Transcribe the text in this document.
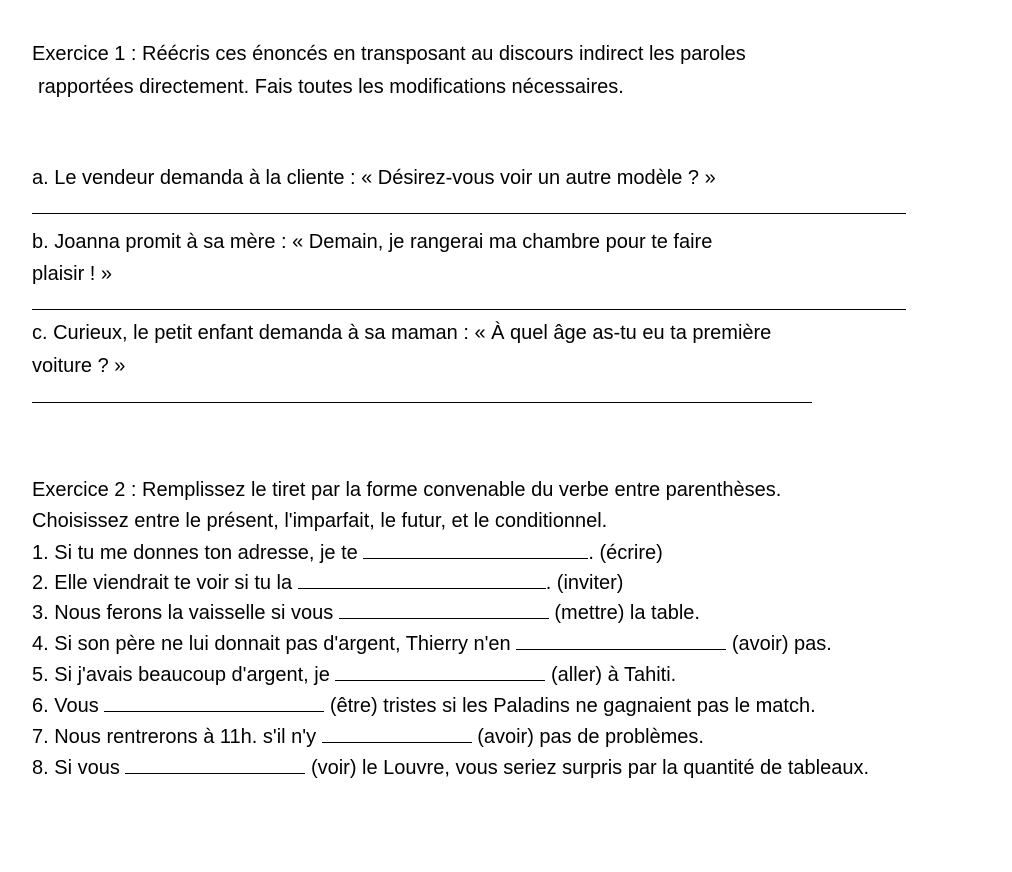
Exercice 1 : Réécris ces énoncés en transposant au discours indirect les paroles
rapportées directement. Fais toutes les modifications nécessaires.
a. Le vendeur demanda à la cliente : « Désirez-vous voir un autre modèle ? »
b. Joanna promit à sa mère : « Demain, je rangerai ma chambre pour te faire
plaisir ! »
c. Curieux, le petit enfant demanda à sa maman : « À quel âge as-tu eu ta première
voiture ? »
Exercice 2 : Remplissez le tiret par la forme convenable du verbe entre parenthèses.
Choisissez entre le présent, l'imparfait, le futur, et le conditionnel.
1. Si tu me donnes ton adresse, je te	. (écrire)
2. Elle viendrait te voir si tu la	. (inviter)
3. Nous ferons la vaisselle si vous	(mettre) la table.
4. Si son père ne lui donnait pas d'argent, Thierry n'en	(avoir) pas.
5. Si j'avais beaucoup d'argent, je	(aller) à Tahiti.
6. Vous	(être) tristes si les Paladins ne gagnaient pas le match.
7. Nous rentrerons à 11h. s'il n'y	(avoir) pas de problèmes.
8. Si vous	(voir) le Louvre, vous seriez surpris par la quantité de tableaux.
